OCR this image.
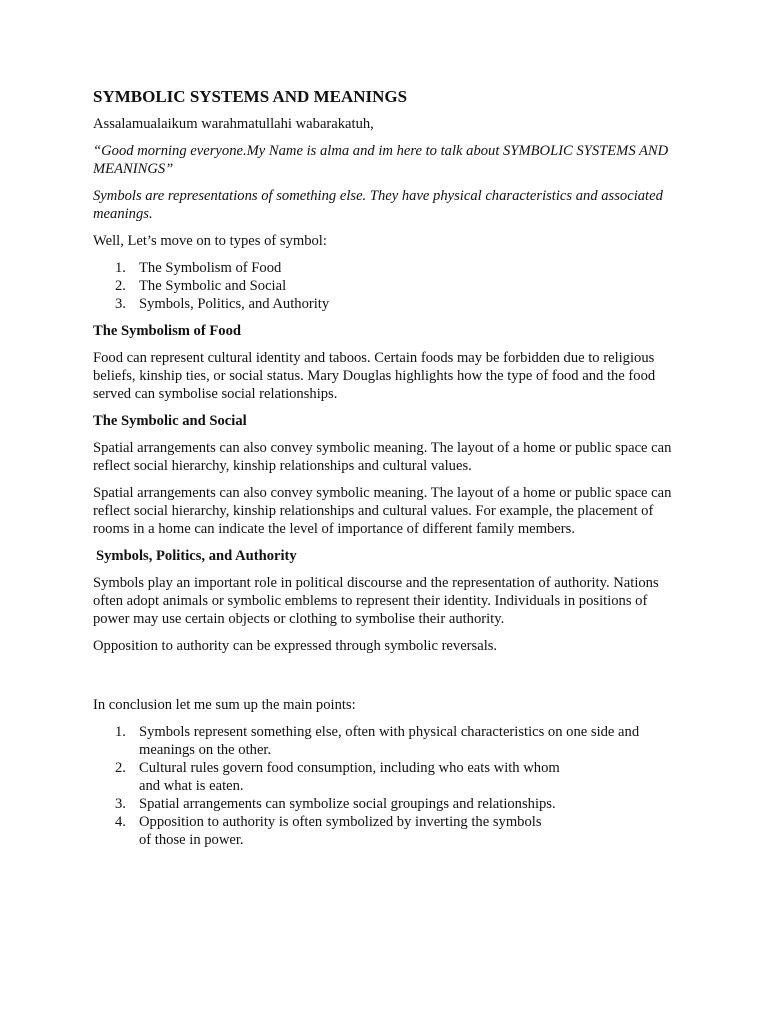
SYMBOLIC SYSTEMS AND MEANINGS

Assalamualaikum warahmatullahi wabarakatuh,

“Good morning everyone.My Name is alma and im here to talk about SYMBOLIC SYSTEMS AND MEANINGS”

Symbols are representations of something else. They have physical characteristics and associated meanings.

Well, Let’s move on to types of symbol:

1. The Symbolism of Food
2. The Symbolic and Social
3. Symbols, Politics, and Authority
The Symbolism of Food

Food can represent cultural identity and taboos. Certain foods may be forbidden due to religious beliefs, kinship ties, or social status. Mary Douglas highlights how the type of food and the food served can symbolise social relationships.

The Symbolic and Social

Spatial arrangements can also convey symbolic meaning. The layout of a home or public space can reflect social hierarchy, kinship relationships and cultural values.

Spatial arrangements can also convey symbolic meaning. The layout of a home or public space can reflect social hierarchy, kinship relationships and cultural values. For example, the placement of rooms in a home can indicate the level of importance of different family members.

Symbols, Politics, and Authority

Symbols play an important role in political discourse and the representation of authority. Nations often adopt animals or symbolic emblems to represent their identity. Individuals in positions of power may use certain objects or clothing to symbolise their authority.

Opposition to authority can be expressed through symbolic reversals.

In conclusion let me sum up the main points:

1. Symbols represent something else, often with physical characteristics on one side and meanings on the other.
2. Cultural rules govern food consumption, including who eats with whom
and what is eaten.
3. Spatial arrangements can symbolize social groupings and relationships.
4. Opposition to authority is often symbolized by inverting the symbols
of those in power.
